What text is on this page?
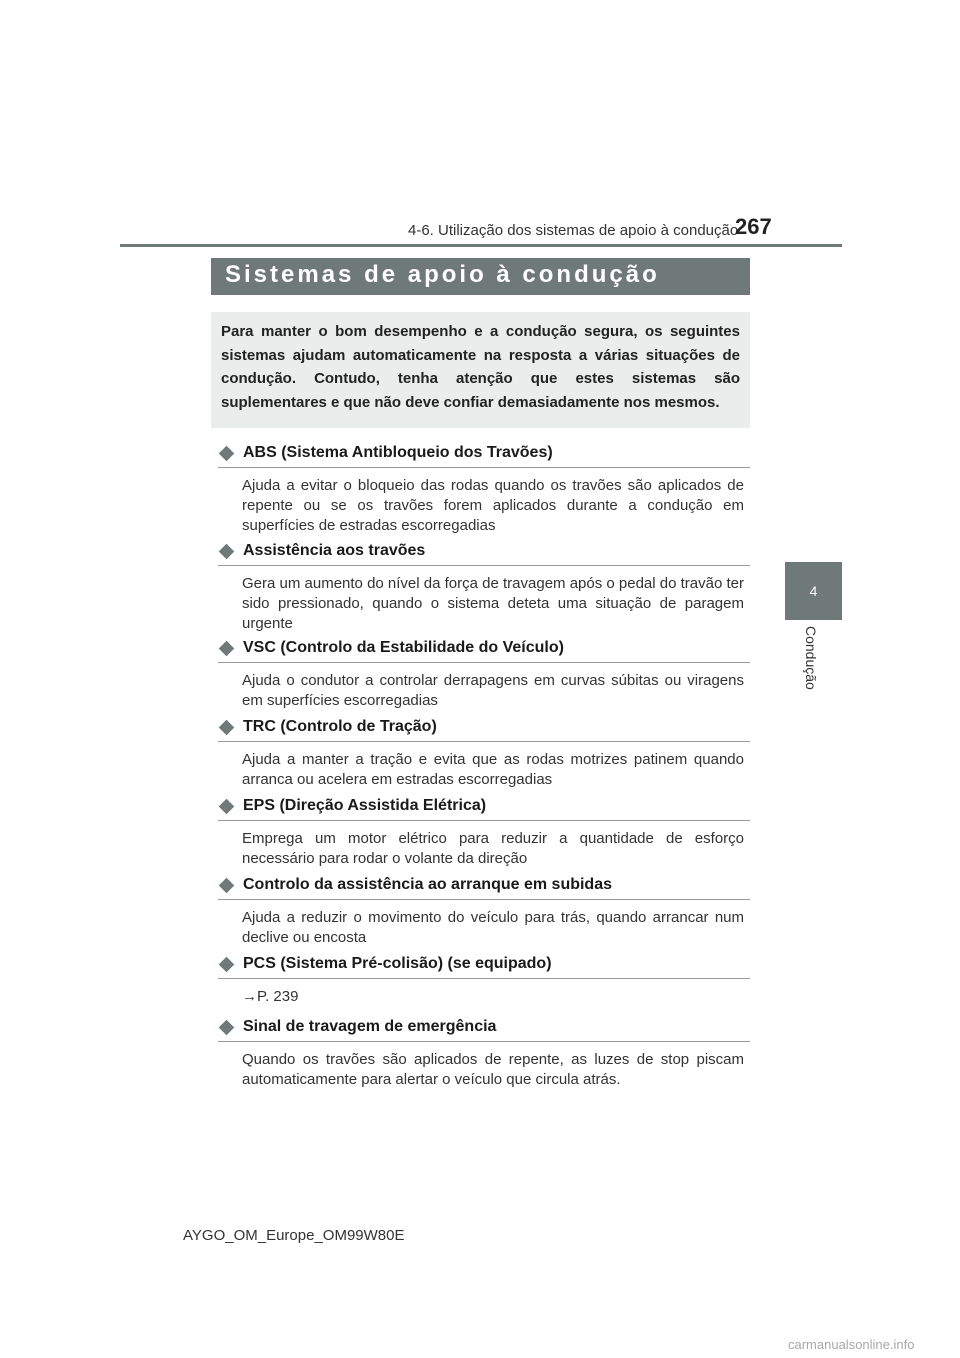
4-6. Utilização dos sistemas de apoio à condução
267
4
Condução
Sistemas de apoio à condução

Para manter o bom desempenho e a condução segura, os seguintes sistemas ajudam automaticamente na resposta a várias situações de condução. Contudo, tenha atenção que estes sistemas são suplementares e que não deve confiar demasiadamente nos mesmos.

ABS (Sistema Antibloqueio dos Travões)
Ajuda a evitar o bloqueio das rodas quando os travões são aplicados de repente ou se os travões forem aplicados durante a condução em superfícies de estradas escorregadias
Assistência aos travões
Gera um aumento do nível da força de travagem após o pedal do travão ter sido pressionado, quando o sistema deteta uma situação de paragem urgente
VSC (Controlo da Estabilidade do Veículo)
Ajuda o condutor a controlar derrapagens em curvas súbitas ou viragens em superfícies escorregadias
TRC (Controlo de Tração)
Ajuda a manter a tração e evita que as rodas motrizes patinem quando arranca ou acelera em estradas escorregadias
EPS (Direção Assistida Elétrica)
Emprega um motor elétrico para reduzir a quantidade de esforço necessário para rodar o volante da direção
Controlo da assistência ao arranque em subidas
Ajuda a reduzir o movimento do veículo para trás, quando arrancar num declive ou encosta
PCS (Sistema Pré-colisão) (se equipado)
→P. 239
Sinal de travagem de emergência
Quando os travões são aplicados de repente, as luzes de stop piscam automaticamente para alertar o veículo que circula atrás.
AYGO_OM_Europe_OM99W80E
carmanualsonline.info
